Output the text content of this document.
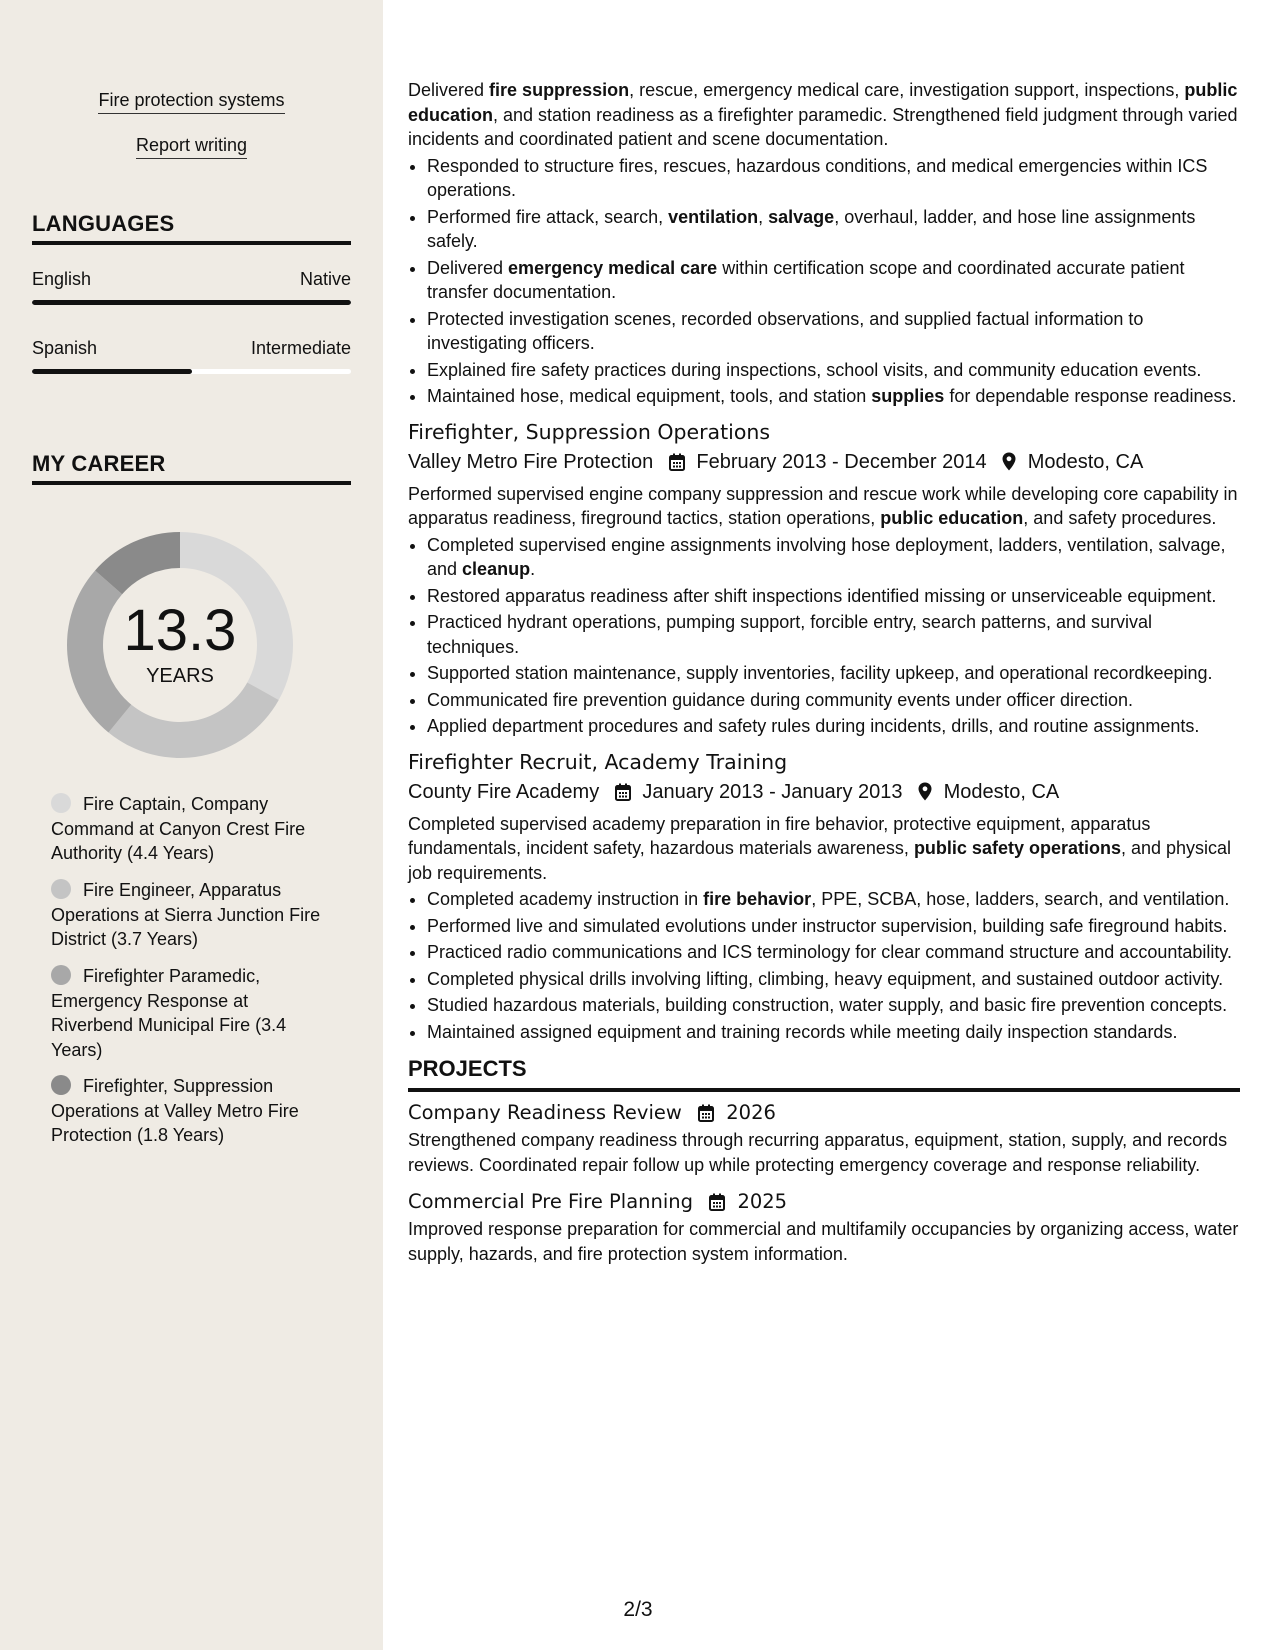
Fire protection systems
Report writing
LANGUAGES
English	Native
Spanish	Intermediate
MY CAREER
13.3
YEARS
Fire Captain, Company Command at Canyon Crest Fire Authority (4.4 Years)
Fire Engineer, Apparatus Operations at Sierra Junction Fire District (3.7 Years)
Firefighter Paramedic, Emergency Response at Riverbend Municipal Fire (3.4 Years)
Firefighter, Suppression Operations at Valley Metro Fire Protection (1.8 Years)

Delivered fire suppression, rescue, emergency medical care, investigation support, inspections, public education, and station readiness as a firefighter paramedic. Strengthened field judgment through varied incidents and coordinated patient and scene documentation.

• Responded to structure fires, rescues, hazardous conditions, and medical emergencies within ICS operations.
• Performed fire attack, search, ventilation, salvage, overhaul, ladder, and hose line assignments safely.
• Delivered emergency medical care within certification scope and coordinated accurate patient transfer documentation.
• Protected investigation scenes, recorded observations, and supplied factual information to investigating officers.
• Explained fire safety practices during inspections, school visits, and community education events.
• Maintained hose, medical equipment, tools, and station supplies for dependable response readiness.
Firefighter, Suppression Operations
Valley Metro Fire Protection February 2013 - December 2014 Modesto, CA

Performed supervised engine company suppression and rescue work while developing core capability in apparatus readiness, fireground tactics, station operations, public education, and safety procedures.

• Completed supervised engine assignments involving hose deployment, ladders, ventilation, salvage, and cleanup.
• Restored apparatus readiness after shift inspections identified missing or unserviceable equipment.
• Practiced hydrant operations, pumping support, forcible entry, search patterns, and survival techniques.
• Supported station maintenance, supply inventories, facility upkeep, and operational recordkeeping.
• Communicated fire prevention guidance during community events under officer direction.
• Applied department procedures and safety rules during incidents, drills, and routine assignments.
Firefighter Recruit, Academy Training
County Fire Academy January 2013 - January 2013 Modesto, CA

Completed supervised academy preparation in fire behavior, protective equipment, apparatus fundamentals, incident safety, hazardous materials awareness, public safety operations, and physical job requirements.

• Completed academy instruction in fire behavior, PPE, SCBA, hose, ladders, search, and ventilation.
• Performed live and simulated evolutions under instructor supervision, building safe fireground habits.
• Practiced radio communications and ICS terminology for clear command structure and accountability.
• Completed physical drills involving lifting, climbing, heavy equipment, and sustained outdoor activity.
• Studied hazardous materials, building construction, water supply, and basic fire prevention concepts.
• Maintained assigned equipment and training records while meeting daily inspection standards.
PROJECTS
Company Readiness Review 2026

Strengthened company readiness through recurring apparatus, equipment, station, supply, and records reviews. Coordinated repair follow up while protecting emergency coverage and response reliability.

Commercial Pre Fire Planning 2025

Improved response preparation for commercial and multifamily occupancies by organizing access, water supply, hazards, and fire protection system information.

2/3
